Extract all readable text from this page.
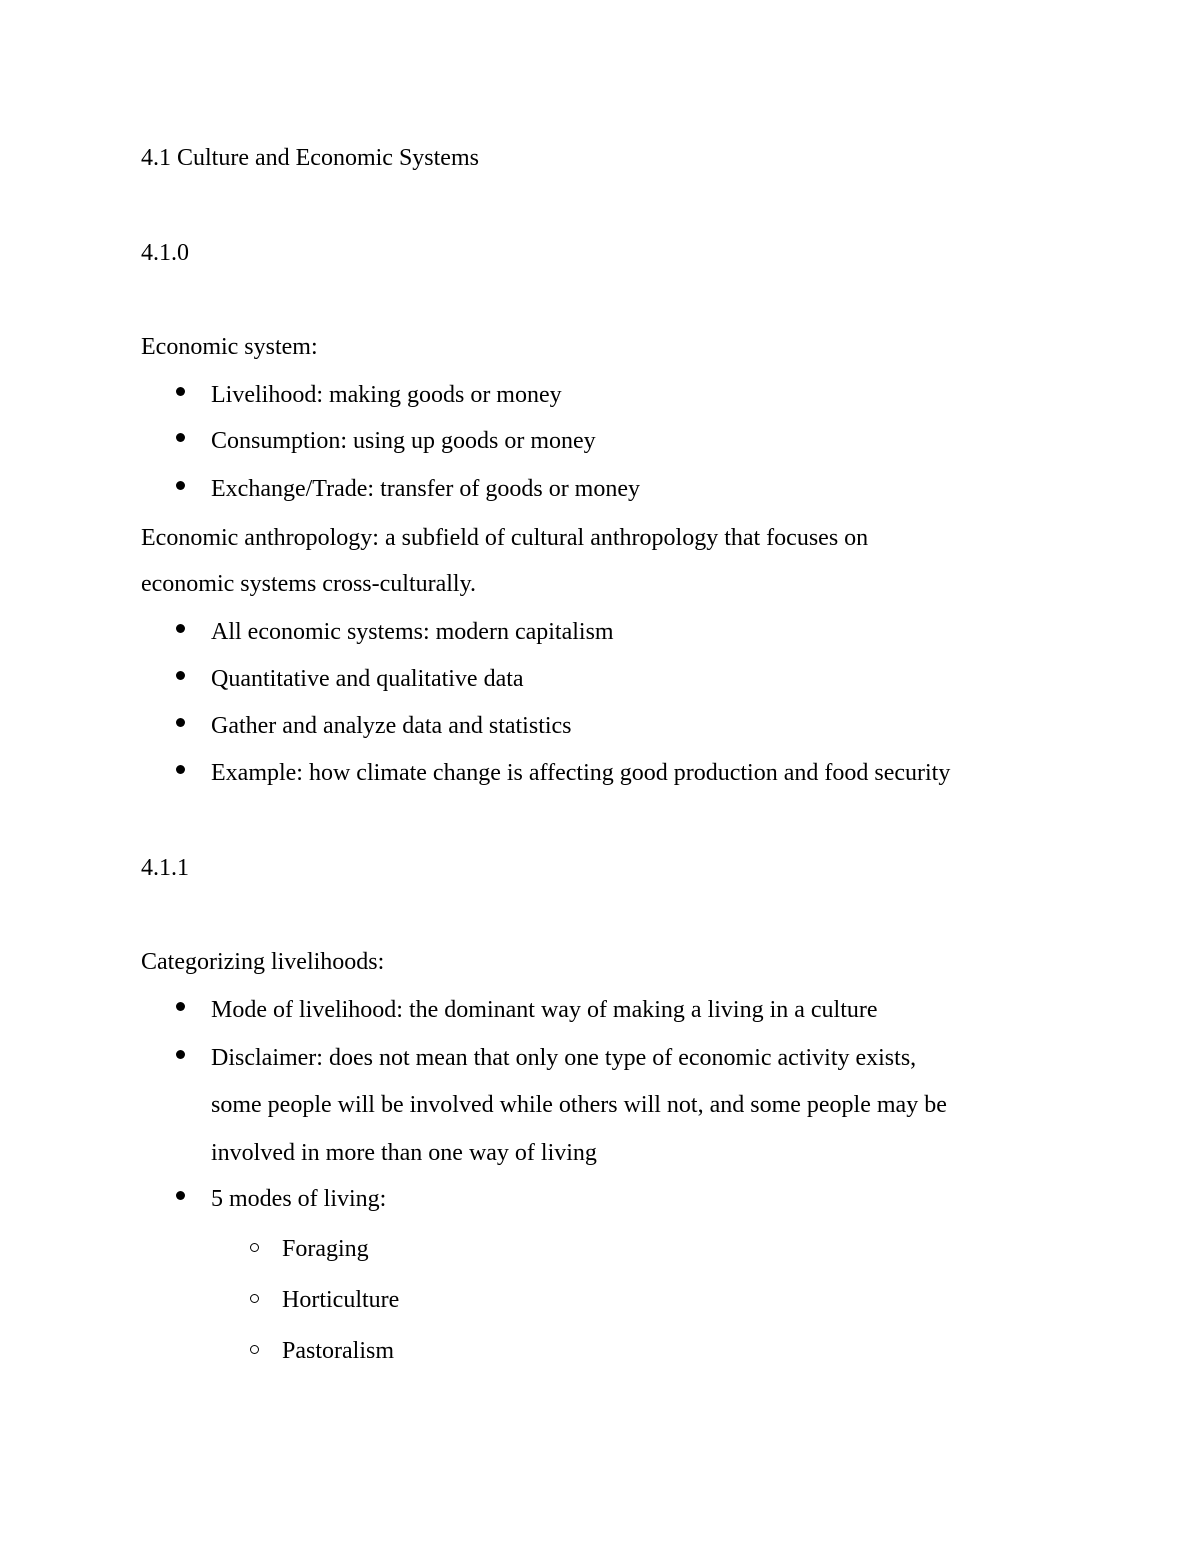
4.1 Culture and Economic Systems
4.1.0
Economic system:
Livelihood: making goods or money
Consumption: using up goods or money
Exchange/Trade: transfer of goods or money
Economic anthropology: a subfield of cultural anthropology that focuses on
economic systems cross-culturally.
All economic systems: modern capitalism
Quantitative and qualitative data
Gather and analyze data and statistics
Example: how climate change is affecting good production and food security
4.1.1
Categorizing livelihoods:
Mode of livelihood: the dominant way of making a living in a culture
Disclaimer: does not mean that only one type of economic activity exists,
some people will be involved while others will not, and some people may be
involved in more than one way of living
5 modes of living:
Foraging
Horticulture
Pastoralism
